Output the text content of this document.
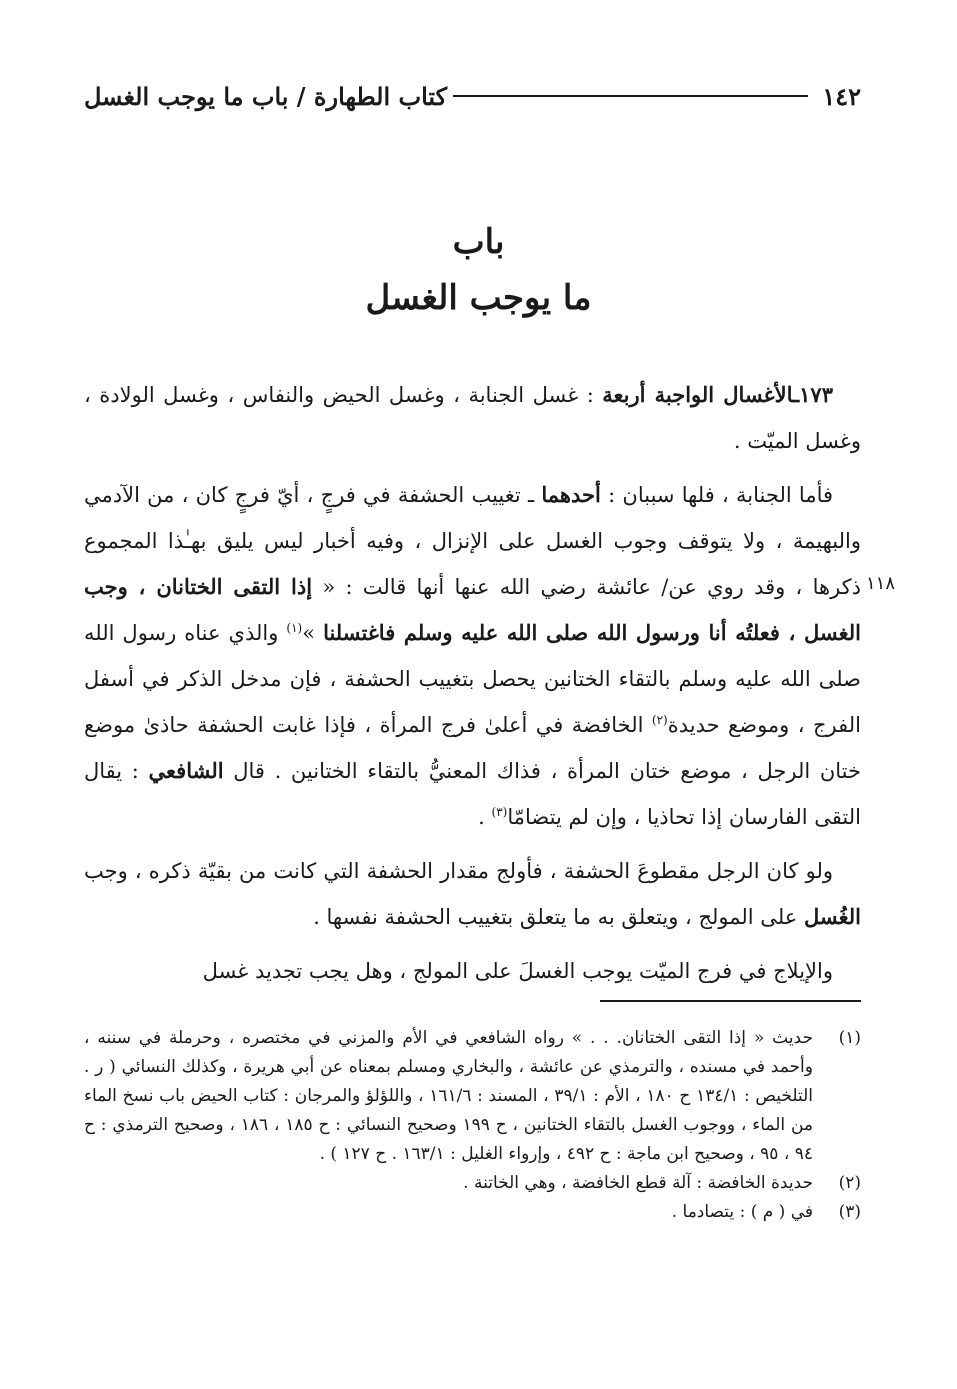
١٤٢
كتاب الطهارة / باب ما يوجب الغسل
باب
ما يوجب الغسل
١١٨

١٧٣ـالأغسال الواجبة أربعة : غسل الجنابة ، وغسل الحيض والنفاس ، وغسل الولادة ، وغسل الميّت .

فأما الجنابة ، فلها سببان : أحدهما ـ تغييب الحشفة في فرجٍ ، أيّ فرجٍ كان ، من الآدمي والبهيمة ، ولا يتوقف وجوب الغسل على الإنزال ، وفيه أخبار ليس يليق بهـٰذا المجموع ذكرها ، وقد روي عن/ عائشة رضي الله عنها أنها قالت : « إذا التقى الختانان ، وجب الغسل ، فعلتُه أنا ورسول الله صلى الله عليه وسلم فاغتسلنا »$^{(١)}$ والذي عناه رسول الله صلى الله عليه وسلم بالتقاء الختانين يحصل بتغييب الحشفة ، فإن مدخل الذكر في أسفل الفرج ، وموضع حديدة$^{(٢)}$ الخافضة في أعلىٰ فرج المرأة ، فإذا غابت الحشفة حاذىٰ موضع ختان الرجل ، موضع ختان المرأة ، فذاك المعنيُّ بالتقاء الختانين . قال الشافعي : يقال التقى الفارسان إذا تحاذيا ، وإن لم يتضامّا$^{(٣)}$ .

ولو كان الرجل مقطوعَ الحشفة ، فأولج مقدار الحشفة التي كانت من بقيّة ذكره ، وجب الغُسل على المولج ، ويتعلق به ما يتعلق بتغييب الحشفة نفسها .

والإيلاج في فرج الميّت يوجب الغسلَ على المولج ، وهل يجب تجديد غسل

(١)
حديث « إذا التقى الختانان. . . » رواه الشافعي في الأم والمزني في مختصره ، وحرملة في سننه ، وأحمد في مسنده ، والترمذي عن عائشة ، والبخاري ومسلم بمعناه عن أبي هريرة ، وكذلك النسائي ( ر . التلخيص : ١٣٤/١ ح ١٨٠ ، الأم : ٣٩/١ ، المسند : ١٦١/٦ ، واللؤلؤ والمرجان : كتاب الحيض باب نسخ الماء من الماء ، ووجوب الغسل بالتقاء الختانين ، ح ١٩٩ وصحيح النسائي : ح ١٨٥ ، ١٨٦ ، وصحيح الترمذي : ح ٩٤ ، ٩٥ ، وصحيح ابن ماجة : ح ٤٩٢ ، وإرواء الغليل : ١٦٣/١ . ح ١٢٧ ) .
(٢)
حديدة الخافضة : آلة قطع الخافضة ، وهي الخاتنة .
(٣)
في ( م ) : يتصادما .
